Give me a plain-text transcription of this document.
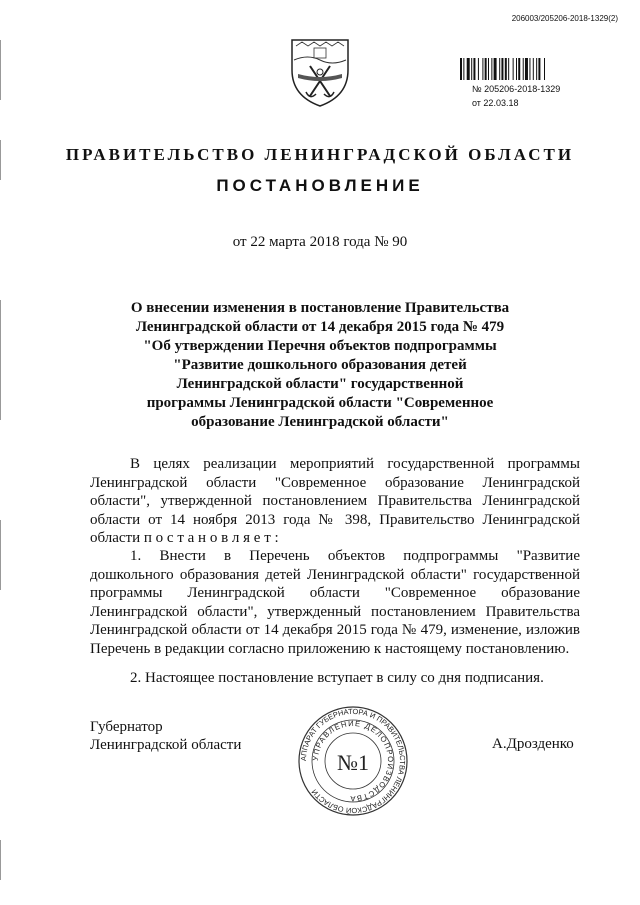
206003/205206-2018-1329(2)
№ 205206-2018-1329
от 22.03.18
ПРАВИТЕЛЬСТВО ЛЕНИНГРАДСКОЙ ОБЛАСТИ
ПОСТАНОВЛЕНИЕ
от 22 марта 2018 года № 90
О внесении изменения в постановление Правительства
Ленинградской области от 14 декабря 2015 года № 479
"Об утверждении Перечня объектов подпрограммы
"Развитие дошкольного образования детей
Ленинградской области" государственной
программы Ленинградской области "Современное
образование Ленинградской области"

В целях реализации мероприятий государственной программы Ленинградской области "Современное образование Ленинградской области", утвержденной постановлением Правительства Ленинградской области от 14 ноября 2013 года № 398, Правительство Ленинградской области п о с т а н о в л я е т :

1. Внести в Перечень объектов подпрограммы "Развитие дошкольного образования детей Ленинградской области" государственной программы Ленинградской области "Современное образование Ленинградской области", утвержденный постановлением Правительства Ленинградской области от 14 декабря 2015 года № 479, изменение, изложив Перечень в редакции согласно приложению к настоящему постановлению.

2. Настоящее постановление вступает в силу со дня подписания.

Губернатор
Ленинградской области	А.Дрозденко
АППАРАТ ГУБЕРНАТОРА И ПРАВИТЕЛЬСТВА ЛЕНИНГРАДСКОЙ ОБЛАСТИ
УПРАВЛЕНИЕ ДЕЛОПРОИЗВОДСТВА
№1
